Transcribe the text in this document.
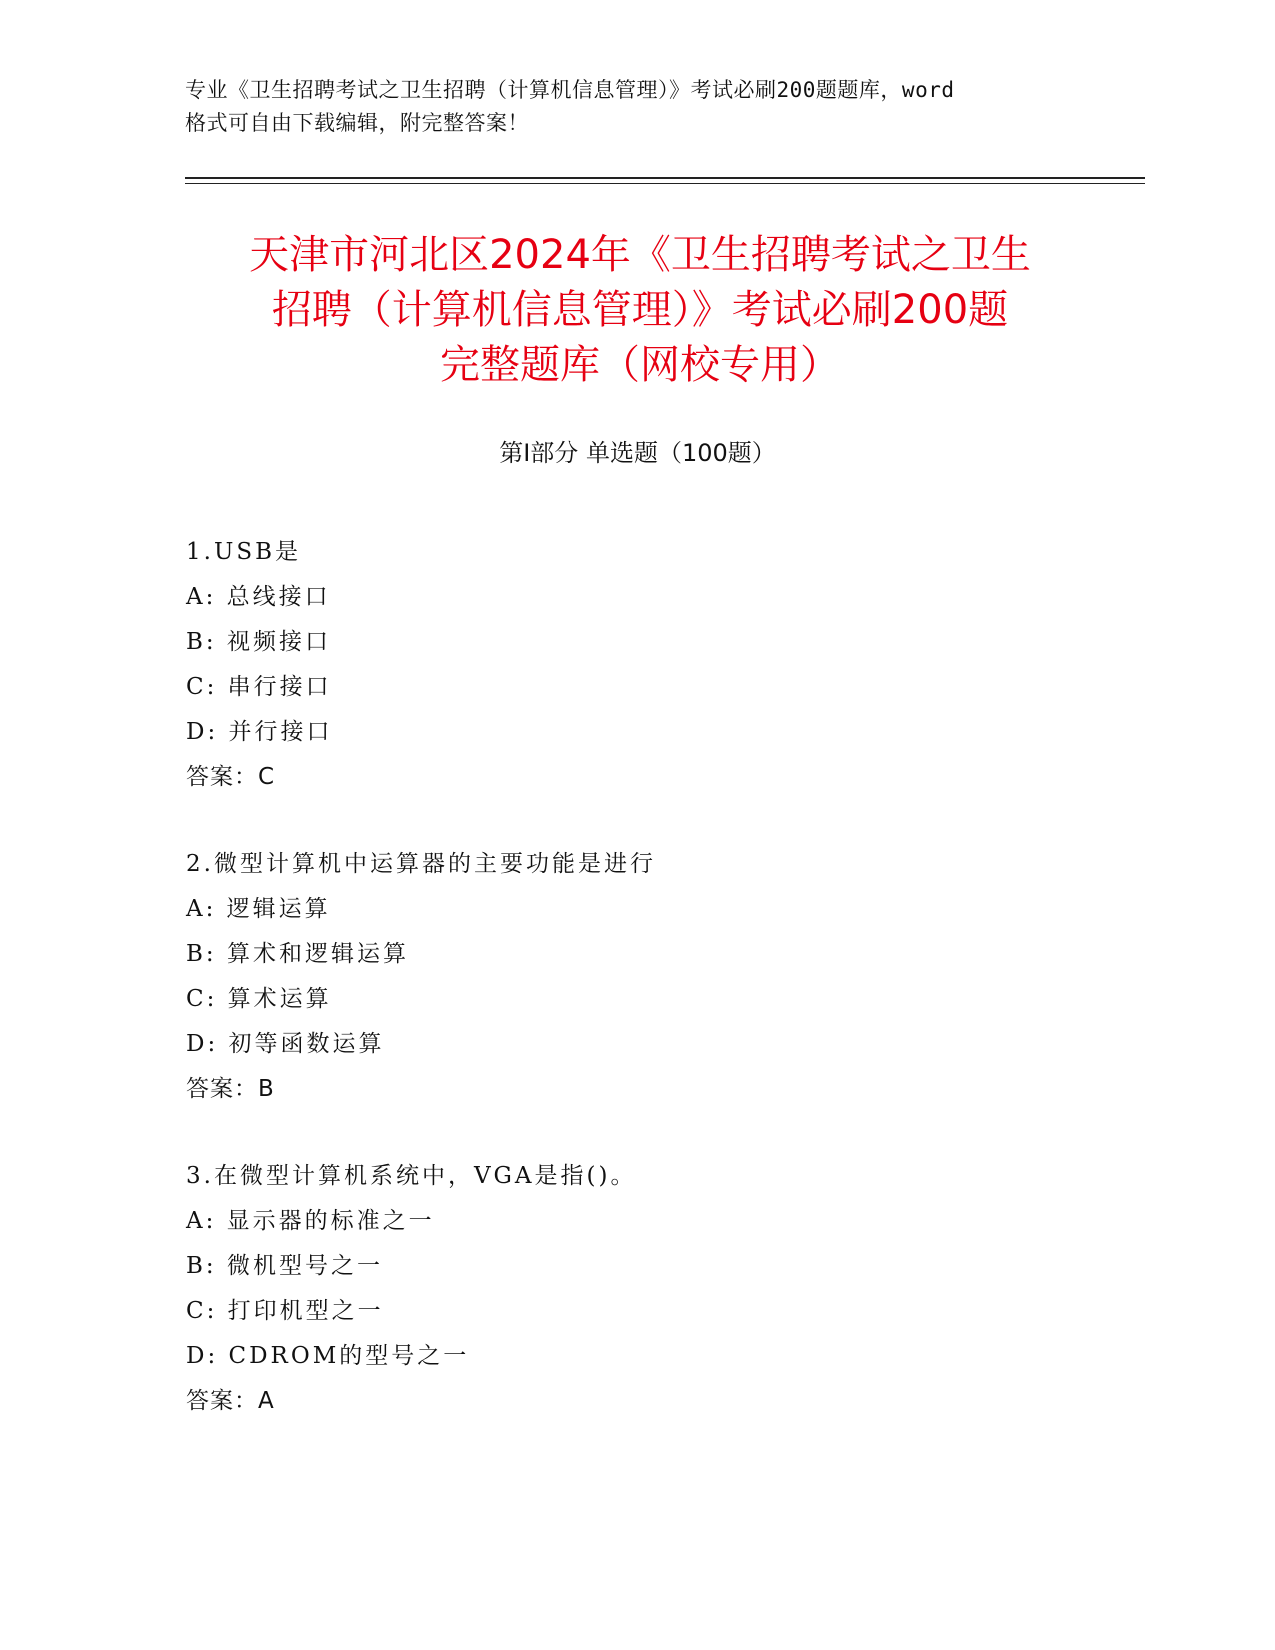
专业《卫生招聘考试之卫生招聘（计算机信息管理）》考试必刷200题题库，word
格式可自由下载编辑，附完整答案！
天津市河北区2024年《卫生招聘考试之卫生
招聘（计算机信息管理）》考试必刷200题
完整题库（网校专用）
第Ⅰ部分 单选题（100题）
1.USB是
A: 总线接口
B: 视频接口
C: 串行接口
D: 并行接口
答案：C
2.微型计算机中运算器的主要功能是进行
A: 逻辑运算
B: 算术和逻辑运算
C: 算术运算
D: 初等函数运算
答案：B
3.在微型计算机系统中，VGA是指()。
A: 显示器的标准之一
B: 微机型号之一
C: 打印机型之一
D: CDROM的型号之一
答案：A
